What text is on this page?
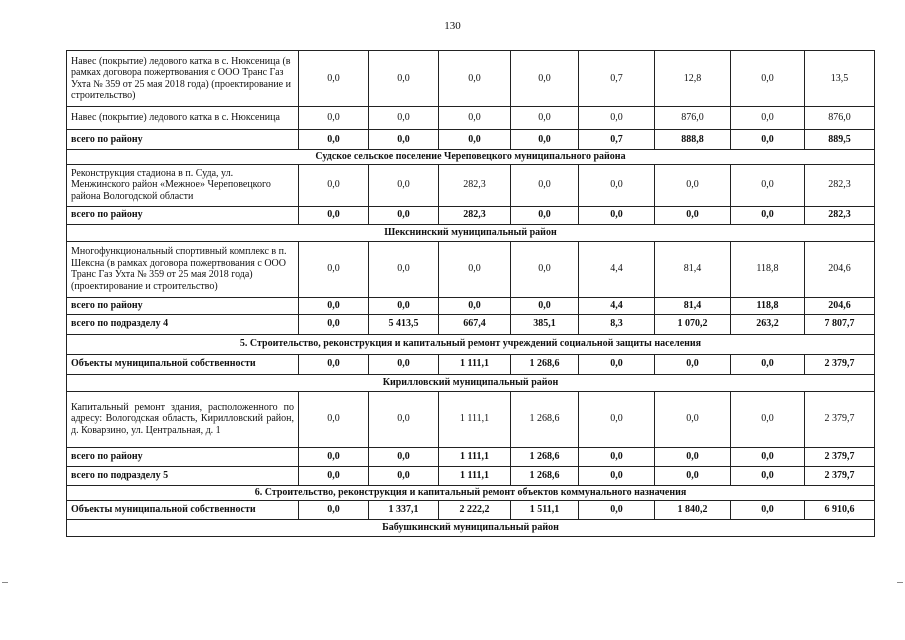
130
Навес (покрытие) ледового катка в с. Нюксеница (в рамках договора пожертвования с ООО Транс Газ Ухта № 359 от 25 мая 2018 года) (проектирование и строительство)	0,0	0,0	0,0	0,0	0,7	12,8	0,0	13,5
Навес (покрытие) ледового катка в с. Нюксеница	0,0	0,0	0,0	0,0	0,0	876,0	0,0	876,0
всего по району	0,0	0,0	0,0	0,0	0,7	888,8	0,0	889,5
Судское сельское поселение Череповецкого муниципального района								
Реконструкция стадиона в п. Суда, ул. Менжинского район «Межное» Череповецкого района Вологодской области	0,0	0,0	282,3	0,0	0,0	0,0	0,0	282,3
всего по району	0,0	0,0	282,3	0,0	0,0	0,0	0,0	282,3
Шекснинский муниципальный район								
Многофункциональный спортивный комплекс в п. Шексна (в рамках договора пожертвования с ООО Транс Газ Ухта № 359 от 25 мая 2018 года) (проектирование и строительство)	0,0	0,0	0,0	0,0	4,4	81,4	118,8	204,6
всего по району	0,0	0,0	0,0	0,0	4,4	81,4	118,8	204,6
всего по подразделу 4	0,0	5 413,5	667,4	385,1	8,3	1 070,2	263,2	7 807,7
5. Строительство, реконструкция и капитальный ремонт учреждений социальной защиты населения								
Объекты муниципальной собственности	0,0	0,0	1 111,1	1 268,6	0,0	0,0	0,0	2 379,7
Кирилловский муниципальный район								
Капитальный ремонт здания, расположенного по адресу: Вологодская область, Кирилловский район, д. Коварзино, ул. Центральная, д. 1	0,0	0,0	1 111,1	1 268,6	0,0	0,0	0,0	2 379,7
всего по району	0,0	0,0	1 111,1	1 268,6	0,0	0,0	0,0	2 379,7
всего по подразделу 5	0,0	0,0	1 111,1	1 268,6	0,0	0,0	0,0	2 379,7
6. Строительство, реконструкция и капитальный ремонт объектов коммунального назначения								
Объекты муниципальной собственности	0,0	1 337,1	2 222,2	1 511,1	0,0	1 840,2	0,0	6 910,6
Бабушкинский муниципальный район								
